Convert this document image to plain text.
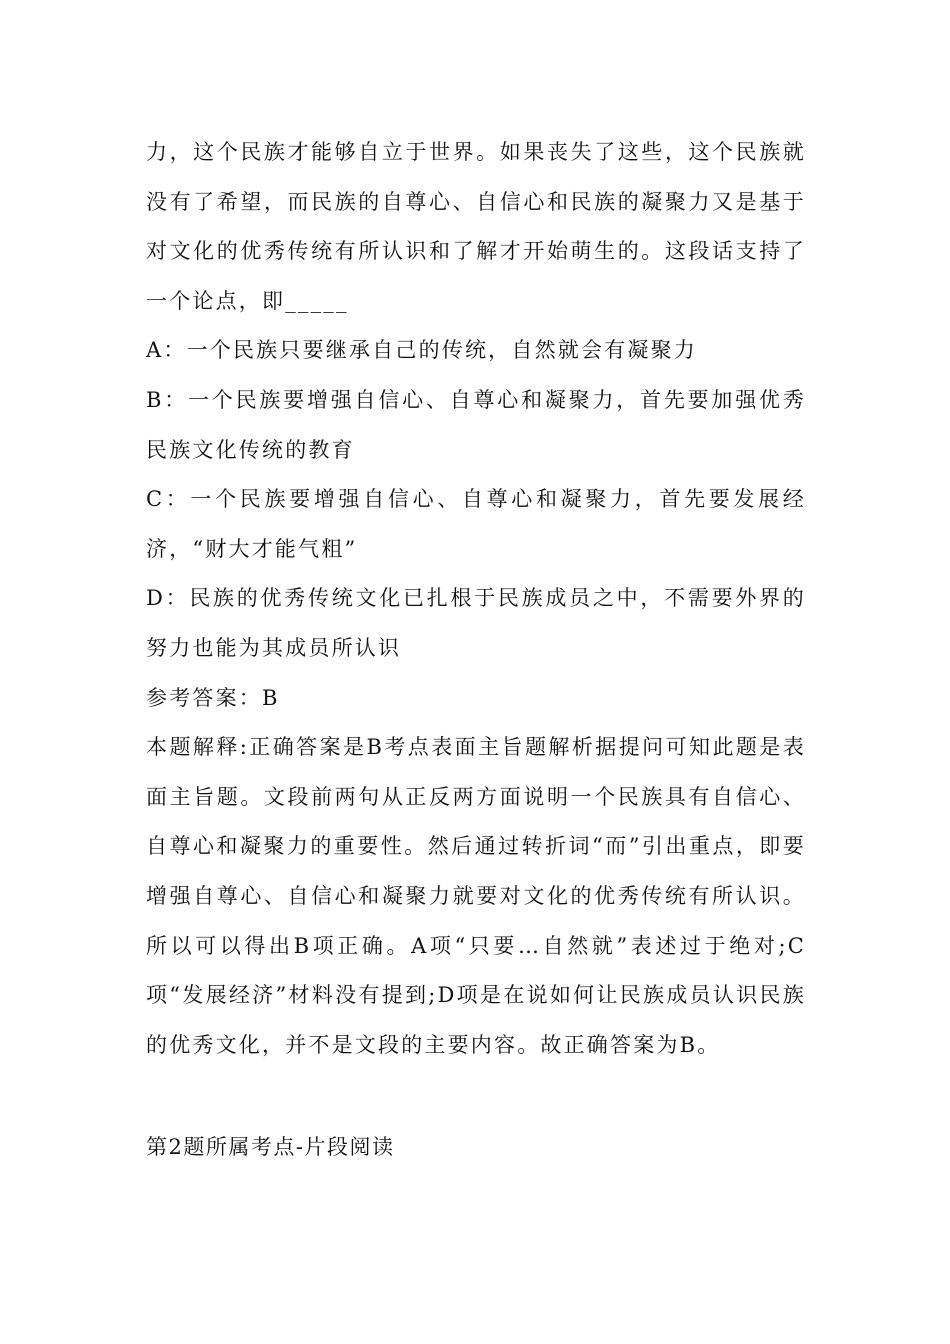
力，这个民族才能够自立于世界。如果丧失了这些，这个民族就没有了希望，而民族的自尊心、自信心和民族的凝聚力又是基于对文化的优秀传统有所认识和了解才开始萌生的。这段话支持了一个论点，即_____

A：一个民族只要继承自己的传统，自然就会有凝聚力

B：一个民族要增强自信心、自尊心和凝聚力，首先要加强优秀民族文化传统的教育

C：一个民族要增强自信心、自尊心和凝聚力，首先要发展经济，“财大才能气粗”

D：民族的优秀传统文化已扎根于民族成员之中，不需要外界的努力也能为其成员所认识

参考答案：B

本题解释:正确答案是B考点表面主旨题解析据提问可知此题是表面主旨题。文段前两句从正反两方面说明一个民族具有自信心、自尊心和凝聚力的重要性。然后通过转折词“而”引出重点，即要增强自尊心、自信心和凝聚力就要对文化的优秀传统有所认识。所以可以得出B项正确。A项“只要…自然就”表述过于绝对;C项“发展经济”材料没有提到;D项是在说如何让民族成员认识民族的优秀文化，并不是文段的主要内容。故正确答案为B。

第2题所属考点-片段阅读
